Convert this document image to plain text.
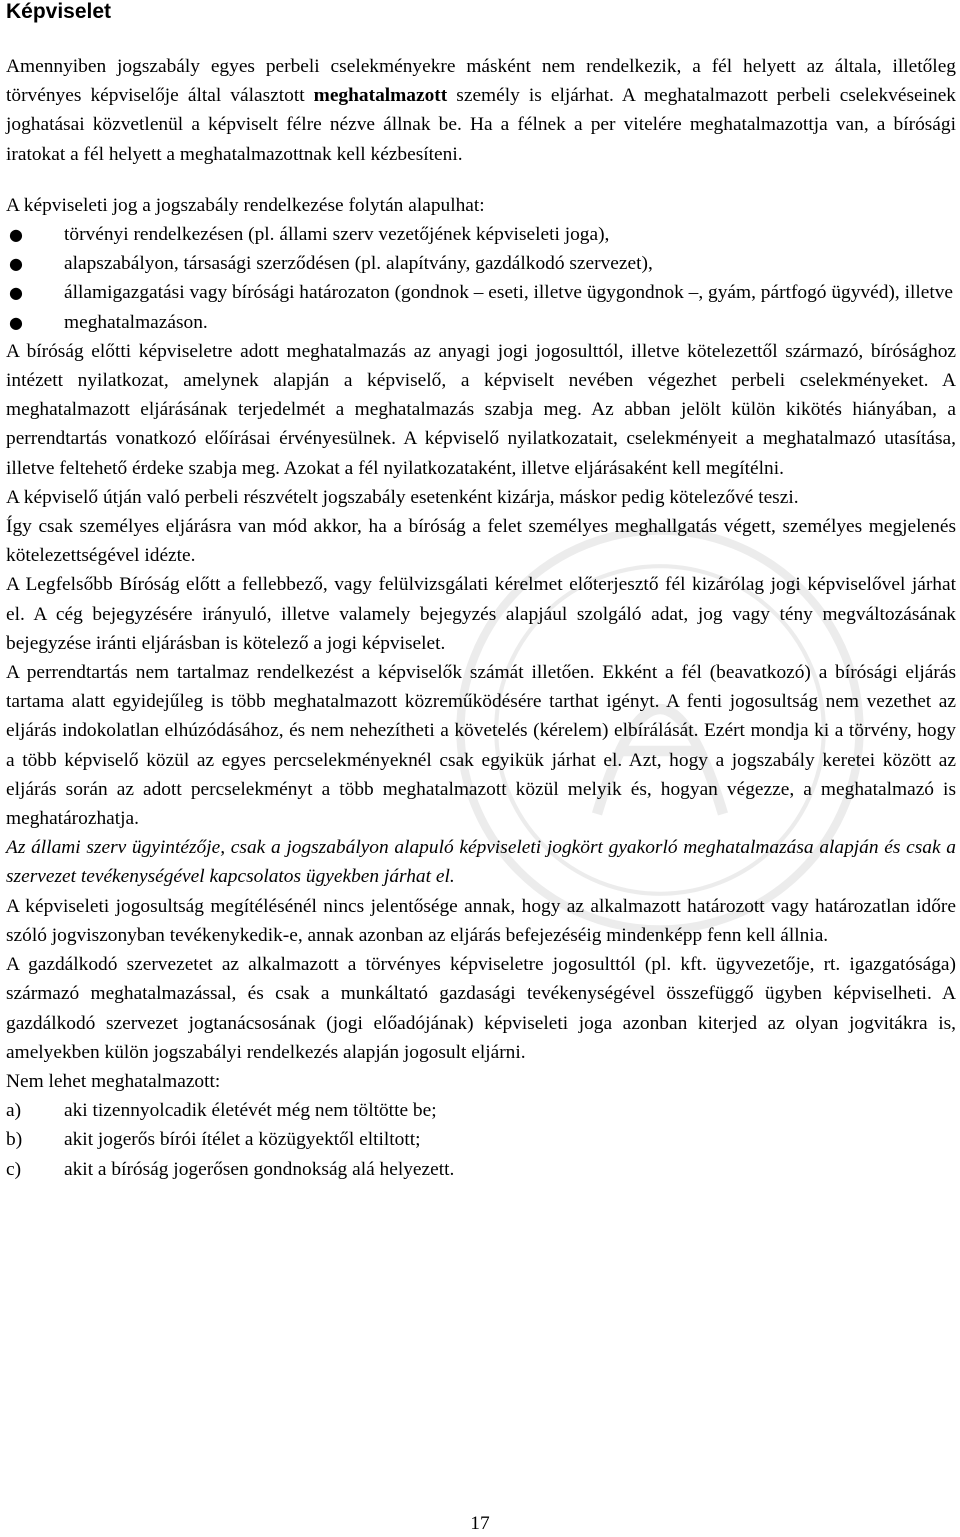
Képviselet

Amennyiben jogszabály egyes perbeli cselekményekre másként nem rendelkezik, a fél helyett az általa, illetőleg törvényes képviselője által választott meghatalmazott személy is eljárhat. A meghatalmazott perbeli cselekvéseinek joghatásai közvetlenül a képviselt félre nézve állnak be. Ha a félnek a per vitelére meghatalmazottja van, a bírósági iratokat a fél helyett a meghatalmazottnak kell kézbesíteni.

A képviseleti jog a jogszabály rendelkezése folytán alapulhat:

● törvényi rendelkezésen (pl. állami szerv vezetőjének képviseleti joga),
● alapszabályon, társasági szerződésen (pl. alapítvány, gazdálkodó szervezet),
● államigazgatási vagy bírósági határozaton (gondnok – eseti, illetve ügygondnok –, gyám, pártfogó ügyvéd), illetve
● meghatalmazáson.

A bíróság előtti képviseletre adott meghatalmazás az anyagi jogi jogosulttól, illetve kötelezettől származó, bírósághoz intézett nyilatkozat, amelynek alapján a képviselő, a képviselt nevében végezhet perbeli cselekményeket. A meghatalmazott eljárásának terjedelmét a meghatalmazás szabja meg. Az abban jelölt külön kikötés hiányában, a perrendtartás vonatkozó előírásai érvényesülnek. A képviselő nyilatkozatait, cselekményeit a meghatalmazó utasítása, illetve feltehető érdeke szabja meg. Azokat a fél nyilatkozataként, illetve eljárásaként kell megítélni.

A képviselő útján való perbeli részvételt jogszabály esetenként kizárja, máskor pedig kötelezővé teszi.

Így csak személyes eljárásra van mód akkor, ha a bíróság a felet személyes meghallgatás végett, személyes megjelenés kötelezettségével idézte.

A Legfelsőbb Bíróság előtt a fellebbező, vagy felülvizsgálati kérelmet előterjesztő fél kizárólag jogi képviselővel járhat el. A cég bejegyzésére irányuló, illetve valamely bejegyzés alapjául szolgáló adat, jog vagy tény megváltozásának bejegyzése iránti eljárásban is kötelező a jogi képviselet.

A perrendtartás nem tartalmaz rendelkezést a képviselők számát illetően. Ekként a fél (beavatkozó) a bírósági eljárás tartama alatt egyidejűleg is több meghatalmazott közreműködésére tarthat igényt. A fenti jogosultság nem vezethet az eljárás indokolatlan elhúzódásához, és nem nehezítheti a követelés (kérelem) elbírálását. Ezért mondja ki a törvény, hogy a több képviselő közül az egyes percselekményeknél csak egyikük járhat el. Azt, hogy a jogszabály keretei között az eljárás során az adott percselekményt a több meghatalmazott közül melyik és, hogyan végezze, a meghatalmazó is meghatározhatja.

Az állami szerv ügyintézője, csak a jogszabályon alapuló képviseleti jogkört gyakorló meghatalmazása alapján és csak a szervezet tevékenységével kapcsolatos ügyekben járhat el.

A képviseleti jogosultság megítélésénél nincs jelentősége annak, hogy az alkalmazott határozott vagy határozatlan időre szóló jogviszonyban tevékenykedik-e, annak azonban az eljárás befejezéséig mindenképp fenn kell állnia.

A gazdálkodó szervezetet az alkalmazott a törvényes képviseletre jogosulttól (pl. kft. ügyvezetője, rt. igazgatósága) származó meghatalmazással, és csak a munkáltató gazdasági tevékenységével összefüggő ügyben képviselheti. A gazdálkodó szervezet jogtanácsosának (jogi előadójának) képviseleti joga azonban kiterjed az olyan jogvitákra is, amelyekben külön jogszabályi rendelkezés alapján jogosult eljárni.

Nem lehet meghatalmazott:

a) aki tizennyolcadik életévét még nem töltötte be;
b) akit jogerős bírói ítélet a közügyektől eltiltott;
c) akit a bíróság jogerősen gondnokság alá helyezett.
17
